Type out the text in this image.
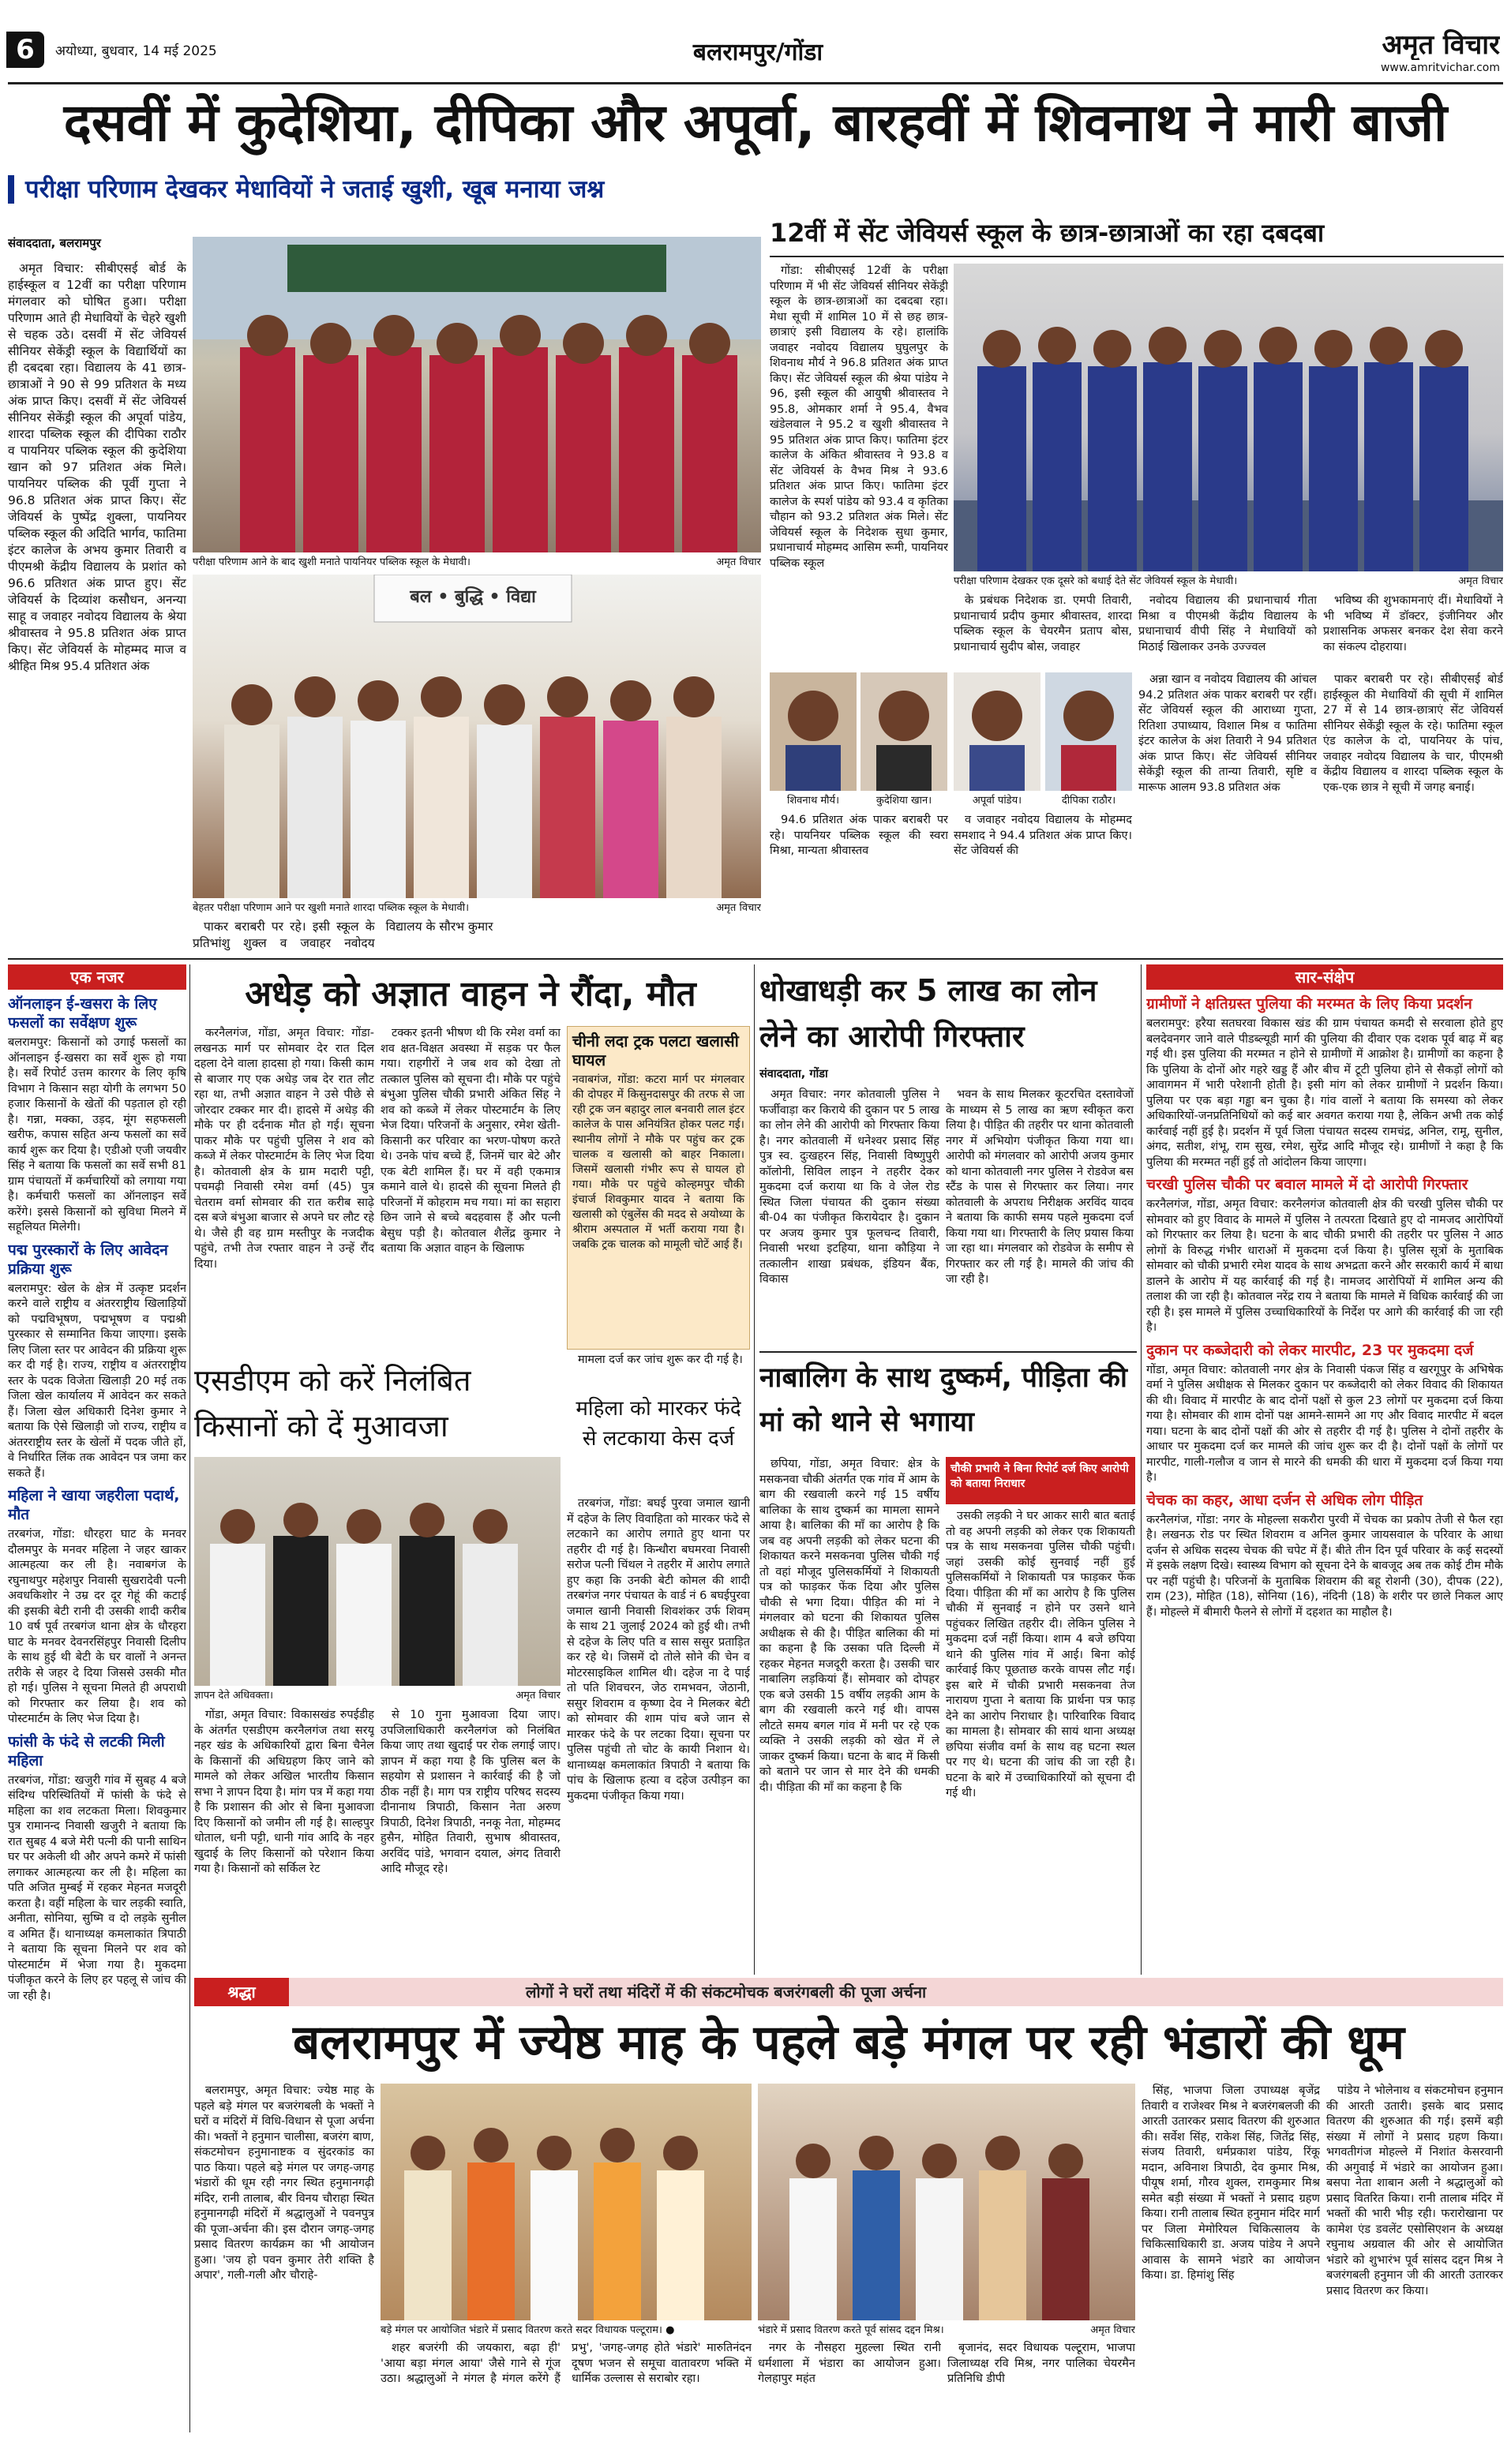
6	अयोध्या, बुधवार, 14 मई 2025	बलरामपुर/गोंडा	अमृत विचार
www.amritvichar.com
दसवीं में कुदेशिया, दीपिका और अपूर्वा, बारहवीं में शिवनाथ ने मारी बाजी
परीक्षा परिणाम देखकर मेधावियों ने जताई खुशी, खूब मनाया जश्न
संवाददाता, बलरामपुर

अमृत विचार: सीबीएसई बोर्ड के हाईस्कूल व 12वीं का परीक्षा परिणाम मंगलवार को घोषित हुआ। परीक्षा परिणाम आते ही मेधावियों के चेहरे खुशी से चहक उठे। दसवीं में सेंट जेवियर्स सीनियर सेकेंड्री स्कूल के विद्यार्थियों का ही दबदबा रहा। विद्यालय के 41 छात्र-छात्राओं ने 90 से 99 प्रतिशत के मध्य अंक प्राप्त किए। दसवीं में सेंट जेवियर्स सीनियर सेकेंड्री स्कूल की अपूर्वा पांडेय, शारदा पब्लिक स्कूल की दीपिका राठौर व पायनियर पब्लिक स्कूल की कुदेशिया खान को 97 प्रतिशत अंक मिले। पायनियर पब्लिक की पूर्वी गुप्ता ने 96.8 प्रतिशत अंक प्राप्त किए। सेंट जेवियर्स के पुष्पेंद्र शुक्ला, पायनियर पब्लिक स्कूल की अदिति भार्गव, फातिमा इंटर कालेज के अभय कुमार तिवारी व पीएमश्री केंद्रीय विद्यालय के प्रशांत को 96.6 प्रतिशत अंक प्राप्त हुए। सेंट जेवियर्स के दिव्यांश कसौधन, अनन्या साहू व जवाहर नवोदय विद्यालय के श्रेया श्रीवास्तव ने 95.8 प्रतिशत अंक प्राप्त किए। सेंट जेवियर्स के मोहम्मद माज व श्रीहित मिश्र 95.4 प्रतिशत अंक

परीक्षा परिणाम आने के बाद खुशी मनाते पायनियर पब्लिक स्कूल के मेधावी।	अमृत विचार
बल • बुद्धि • विद्या
बेहतर परीक्षा परिणाम आने पर खुशी मनाते शारदा पब्लिक स्कूल के मेधावी।	अमृत विचार

पाकर बराबरी पर रहे। इसी स्कूल के प्रतिभांशु शुक्ल व जवाहर नवोदय विद्यालय के सौरभ कुमार

12वीं में सेंट जेवियर्स स्कूल के छात्र-छात्राओं का रहा दबदबा

गोंडा: सीबीएसई 12वीं के परीक्षा परिणाम में भी सेंट जेवियर्स सीनियर सेकेंड्री स्कूल के छात्र-छात्राओं का दबदबा रहा। मेधा सूची में शामिल 10 में से छह छात्र-छात्राएं इसी विद्यालय के रहे। हालांकि जवाहर नवोदय विद्यालय घुघुलपुर के शिवनाथ मौर्य ने 96.8 प्रतिशत अंक प्राप्त किए। सेंट जेवियर्स स्कूल की श्रेया पांडेय ने 96, इसी स्कूल की आयुषी श्रीवास्तव ने 95.8, ओमकार शर्मा ने 95.4, वैभव खंडेलवाल ने 95.2 व खुशी श्रीवास्तव ने 95 प्रतिशत अंक प्राप्त किए। फातिमा इंटर कालेज के अंकित श्रीवास्तव ने 93.8 व सेंट जेवियर्स के वैभव मिश्र ने 93.6 प्रतिशत अंक प्राप्त किए। फातिमा इंटर कालेज के स्पर्श पांडेय को 93.4 व कृतिका चौहान को 93.2 प्रतिशत अंक मिले। सेंट जेवियर्स स्कूल के निदेशक सुधा कुमार, प्रधानाचार्य मोहम्मद आसिम रूमी, पायनियर पब्लिक स्कूल

परीक्षा परिणाम देखकर एक दूसरे को बधाई देते सेंट जेवियर्स स्कूल के मेधावी।	अमृत विचार

के प्रबंधक निदेशक डा. एमपी तिवारी, प्रधानाचार्य प्रदीप कुमार श्रीवास्तव, शारदा पब्लिक स्कूल के चेयरमैन प्रताप बोस, प्रधानाचार्य सुदीप बोस, जवाहर

नवोदय विद्यालय की प्रधानाचार्य गीता मिश्रा व पीएमश्री केंद्रीय विद्यालय के प्रधानाचार्य वीपी सिंह ने मेधावियों को मिठाई खिलाकर उनके उज्ज्वल

भविष्य की शुभकामनाएं दीं। मेधावियों ने भी भविष्य में डॉक्टर, इंजीनियर और प्रशासनिक अफसर बनकर देश सेवा करने का संकल्प दोहराया।

शिवनाथ मौर्य।	कुदेशिया खान।	अपूर्वा पांडेय।	दीपिका राठौर।

94.6 प्रतिशत अंक पाकर बराबरी पर रहे। पायनियर पब्लिक स्कूल की स्वरा मिश्रा, मान्यता श्रीवास्तव

व जवाहर नवोदय विद्यालय के मोहम्मद समशाद ने 94.4 प्रतिशत अंक प्राप्त किए। सेंट जेवियर्स की

अन्ना खान व नवोदय विद्यालय की आंचल 94.2 प्रतिशत अंक पाकर बराबरी पर रहीं। सेंट जेवियर्स स्कूल की आराध्या गुप्ता, रितिशा उपाध्याय, विशाल मिश्र व फातिमा इंटर कालेज के अंश तिवारी ने 94 प्रतिशत अंक प्राप्त किए। सेंट जेवियर्स सीनियर सेकेंड्री स्कूल की तान्या तिवारी, सृष्टि व मारूफ आलम 93.8 प्रतिशत अंक

पाकर बराबरी पर रहे। सीबीएसई बोर्ड हाईस्कूल की मेधावियों की सूची में शामिल 27 में से 14 छात्र-छात्राएं सेंट जेवियर्स सीनियर सेकेंड्री स्कूल के रहे। फातिमा स्कूल एंड कालेज के दो, पायनियर के पांच, जवाहर नवोदय विद्यालय के चार, पीएमश्री केंद्रीय विद्यालय व शारदा पब्लिक स्कूल के एक-एक छात्र ने सूची में जगह बनाई।

एक नजर
ऑनलाइन ई-खसरा के लिए फसलों का सर्वेक्षण शुरू

बलरामपुर: किसानों को उगाई फसलों का ऑनलाइन ई-खसरा का सर्वे शुरू हो गया है। सर्वे रिपोर्ट उत्तम कारगर के लिए कृषि विभाग ने किसान सहा योगी के लगभग 50 हजार किसानों के खेतों की पड़ताल हो रही है। गन्ना, मक्का, उड़द, मूंग सहफसली खरीफ, कपास सहित अन्य फसलों का सर्वे कार्य शुरू कर दिया है। एडीओ एजी जयवीर सिंह ने बताया कि फसलों का सर्वे सभी 81 ग्राम पंचायतों में कर्मचारियों को लगाया गया है। कर्मचारी फसलों का ऑनलाइन सर्वे करेंगे। इससे किसानों को सुविधा मिलने में सहूलियत मिलेगी।

पद्म पुरस्कारों के लिए आवेदन प्रक्रिया शुरू

बलरामपुर: खेल के क्षेत्र में उत्कृष्ट प्रदर्शन करने वाले राष्ट्रीय व अंतरराष्ट्रीय खिलाड़ियों को पद्मविभूषण, पद्मभूषण व पद्मश्री पुरस्कार से सम्मानित किया जाएगा। इसके लिए जिला स्तर पर आवेदन की प्रक्रिया शुरू कर दी गई है। राज्य, राष्ट्रीय व अंतरराष्ट्रीय स्तर के पदक विजेता खिलाड़ी 20 मई तक जिला खेल कार्यालय में आवेदन कर सकते हैं। जिला खेल अधिकारी दिनेश कुमार ने बताया कि ऐसे खिलाड़ी जो राज्य, राष्ट्रीय व अंतरराष्ट्रीय स्तर के खेलों में पदक जीते हों, वे निर्धारित लिंक तक आवेदन पत्र जमा कर सकते हैं।

महिला ने खाया जहरीला पदार्थ, मौत

तरबगंज, गोंडा: धौरहरा घाट के मनवर दौलमपुर के मनवर महिला ने जहर खाकर आत्महत्या कर ली है। नवाबगंज के रघुनाथपुर महेशपुर निवासी सुखरादेवी पत्नी अवधकिशोर ने उम्र दर दूर गेहूं की कटाई की इसकी बेटी रानी दी उसकी शादी करीब 10 वर्ष पूर्व तरबगंज थाना क्षेत्र के धौरहरा घाट के मनवर देवनरसिंहपुर निवासी दिलीप के साथ हुई थी बेटी के घर वालों ने अनन्त तरीके से जहर दे दिया जिससे उसकी मौत हो गई। पुलिस ने सूचना मिलते ही अपराधी को गिरफ्तार कर लिया है। शव को पोस्टमार्टम के लिए भेज दिया है।

फांसी के फंदे से लटकी मिली महिला

तरबगंज, गोंडा: खजुरी गांव में सुबह 4 बजे संदिग्ध परिस्थितियों में फांसी के फंदे से महिला का शव लटकता मिला। शिवकुमार पुत्र रामानन्द निवासी खजुरी ने बताया कि रात सुबह 4 बजे मेरी पत्नी की पानी साथिन घर पर अकेली थी और अपने कमरे में फांसी लगाकर आत्महत्या कर ली है। महिला का पति अजित मुम्बई में रहकर मेहनत मजदूरी करता है। वहीं महिला के चार लड़की स्वाति, अनीता, सोनिया, सुष्मि व दो लड़के सुनील व अमित हैं। थानाध्यक्ष कमलाकांत त्रिपाठी ने बताया कि सूचना मिलने पर शव को पोस्टमार्टम में भेजा गया है। मुकदमा पंजीकृत करने के लिए हर पहलू से जांच की जा रही है।

अधेड़ को अज्ञात वाहन ने रौंदा, मौत

करनैलगंज, गोंडा, अमृत विचार: गोंडा-लखनऊ मार्ग पर सोमवार देर रात दिल दहला देने वाला हादसा हो गया। किसी काम से बाजार गए एक अधेड़ जब देर रात लौट रहा था, तभी अज्ञात वाहन ने उसे पीछे से जोरदार टक्कर मार दी। हादसे में अधेड़ की मौके पर ही दर्दनाक मौत हो गई। सूचना पाकर मौके पर पहुंची पुलिस ने शव को कब्जे में लेकर पोस्टमार्टम के लिए भेज दिया है। कोतवाली क्षेत्र के ग्राम मदारी पट्टी, पचमढ़ी निवासी रमेश वर्मा (45) पुत्र चेतराम वर्मा सोमवार की रात करीब साढ़े दस बजे बंभुआ बाजार से अपने घर लौट रहे थे। जैसे ही वह ग्राम मस्तीपुर के नजदीक पहुंचे, तभी तेज रफ्तार वाहन ने उन्हें रौंद दिया।

टक्कर इतनी भीषण थी कि रमेश वर्मा का शव क्षत-विक्षत अवस्था में सड़क पर फैल गया। राहगीरों ने जब शव को देखा तो तत्काल पुलिस को सूचना दी। मौके पर पहुंचे बंभुआ पुलिस चौकी प्रभारी अंकित सिंह ने शव को कब्जे में लेकर पोस्टमार्टम के लिए भेज दिया। परिजनों के अनुसार, रमेश खेती-किसानी कर परिवार का भरण-पोषण करते थे। उनके पांच बच्चे हैं, जिनमें चार बेटे और एक बेटी शामिल हैं। घर में वही एकमात्र कमाने वाले थे। हादसे की सूचना मिलते ही परिजनों में कोहराम मच गया। मां का सहारा छिन जाने से बच्चे बदहवास हैं और पत्नी बेसुध पड़ी है। कोतवाल शैलेंद्र कुमार ने बताया कि अज्ञात वाहन के खिलाफ

चीनी लदा ट्रक पलटा खलासी घायल

नवाबगंज, गोंडा: कटरा मार्ग पर मंगलवार की दोपहर में किसुनदासपुर की तरफ से जा रही ट्रक जन बहादुर लाल बनवारी लाल इंटर कालेज के पास अनियंत्रित होकर पलट गई। स्थानीय लोगों ने मौके पर पहुंच कर ट्रक चालक व खलासी को बाहर निकाला। जिसमें खलासी गंभीर रूप से घायल हो गया। मौके पर पहुंचे कोल्हमपुर चौकी इंचार्ज शिवकुमार यादव ने बताया कि खलासी को एंबुलेंस की मदद से अयोध्या के श्रीराम अस्पताल में भर्ती कराया गया है। जबकि ट्रक चालक को मामूली चोटें आई हैं।

मामला दर्ज कर जांच शुरू कर दी गई है।

एसडीएम को करें निलंबित किसानों को दें मुआवजा
ज्ञापन देते अधिवक्ता।	अमृत विचार

गोंडा, अमृत विचार: विकासखंड रुपईडीह के अंतर्गत एसडीएम करनैलगंज तथा सरयू नहर खंड के अधिकारियों द्वारा बिना चैनेल के किसानों की अधिग्रहण किए जाने को मामले को लेकर अखिल भारतीय किसान सभा ने ज्ञापन दिया है। मांग पत्र में कहा गया है कि प्रशासन की ओर से बिना मुआवजा दिए किसानों को जमीन ली गई है। साल्हपुर धोताल, धनी पट्टी, धानी गांव आदि के नहर खुदाई के लिए किसानों को परेशान किया गया है। किसानों को सर्किल रेट

से 10 गुना मुआवजा दिया जाए। उपजिलाधिकारी करनैलगंज को निलंबित किया जाए तथा खुदाई पर रोक लगाई जाए। ज्ञापन में कहा गया है कि पुलिस बल के सहयोग से प्रशासन ने कार्रवाई की है जो ठीक नहीं है। माग पत्र राष्ट्रीय परिषद सदस्य दीनानाथ त्रिपाठी, किसान नेता अरुण त्रिपाठी, दिनेश त्रिपाठी, ननकू नेता, मोहम्मद हुसैन, मोहित तिवारी, सुभाष श्रीवास्तव, अरविंद पांडे, भगवान दयाल, अंगद तिवारी आदि मौजूद रहे।

महिला को मारकर फंदे से लटकाया केस दर्ज

तरबगंज, गोंडा: बघई पुरवा जमाल खानी में दहेज के लिए विवाहिता को मारकर फंदे से लटकाने का आरोप लगाते हुए थाना पर तहरीर दी गई है। किन्धौरा बघमरवा निवासी सरोज पत्नी चिंथल ने तहरीर में आरोप लगाते हुए कहा कि उनकी बेटी कोमल की शादी तरबगंज नगर पंचायत के वार्ड नं 6 बघईपुरवा जमाल खानी निवासी शिवशंकर उर्फ शिवम् के साथ 21 जुलाई 2024 को हुई थी। तभी से दहेज के लिए पति व सास ससुर प्रताड़ित कर रहे थे। जिसमें दो तोले सोने की चेन व मोटरसाइकिल शामिल थी। दहेज ना दे पाई तो पति शिवचरन, जेठ रामभवन, जेठानी, ससुर शिवराम व कृष्णा देव ने मिलकर बेटी को सोमवार की शाम पांच बजे जान से मारकर फंदे के पर लटका दिया। सूचना पर पुलिस पहुंची तो चोट के कायी निशान थे। थानाध्यक्ष कमलाकांत त्रिपाठी ने बताया कि पांच के खिलाफ हत्या व दहेज उत्पीड़न का मुकदमा पंजीकृत किया गया।

धोखाधड़ी कर 5 लाख का लोन लेने का आरोपी गिरफ्तार
संवाददाता, गोंडा

अमृत विचार: नगर कोतवाली पुलिस ने फर्जीवाड़ा कर किराये की दुकान पर 5 लाख का लोन लेने की आरोपी को गिरफ्तार किया है। नगर कोतवाली में धनेश्वर प्रसाद सिंह पुत्र स्व. दुःखहरन सिंह, निवासी विष्णुपुरी कॉलोनी, सिविल लाइन ने तहरीर देकर मुकदमा दर्ज कराया था कि वे जेल रोड स्थित जिला पंचायत की दुकान संख्या बी-04 का पंजीकृत किरायेदार है। दुकान पर अजय कुमार पुत्र फूलचन्द तिवारी, निवासी भरथा इटहिया, थाना कौड़िया ने तत्कालीन शाखा प्रबंधक, इंडियन बैंक, विकास

भवन के साथ मिलकर कूटरचित दस्तावेजों के माध्यम से 5 लाख का ऋण स्वीकृत करा लिया है। पीड़ित की तहरीर पर थाना कोतवाली नगर में अभियोग पंजीकृत किया गया था। आरोपी को मंगलवार को आरोपी अजय कुमार को थाना कोतवाली नगर पुलिस ने रोडवेज बस स्टैंड के पास से गिरफ्तार कर लिया। नगर कोतवाली के अपराध निरीक्षक अरविंद यादव ने बताया कि काफी समय पहले मुकदमा दर्ज किया गया था। गिरफ्तारी के लिए प्रयास किया जा रहा था। मंगलवार को रोडवेज के समीप से गिरफ्तार कर ली गई है। मामले की जांच की जा रही है।

नाबालिग के साथ दुष्कर्म, पीड़िता की मां को थाने से भगाया

छपिया, गोंडा, अमृत विचार: क्षेत्र के मसकनवा चौकी अंतर्गत एक गांव में आम के बाग की रखवाली करने गई 15 वर्षीय बालिका के साथ दुष्कर्म का मामला सामने आया है। बालिका की माँ का आरोप है कि जब वह अपनी लड़की को लेकर घटना की शिकायत करने मसकनवा पुलिस चौकी गई तो वहां मौजूद पुलिसकर्मियों ने शिकायती पत्र को फाड़कर फेंक दिया और पुलिस चौकी से भगा दिया। पीड़ित की मां ने मंगलवार को घटना की शिकायत पुलिस अधीक्षक से की है। पीड़ित बालिका की मां का कहना है कि उसका पति दिल्ली में रहकर मेहनत मजदूरी करता है। उसकी चार नाबालिग लड़कियां हैं। सोमवार को दोपहर एक बजे उसकी 15 वर्षीय लड़की आम के बाग की रखवाली करने गई थी। वापस लौटते समय बगल गांव में मनी पर रहे एक व्यक्ति ने उसकी लड़की को खेत में ले जाकर दुष्कर्म किया। घटना के बाद में किसी को बताने पर जान से मार देने की धमकी दी। पीड़िता की माँ का कहना है कि

चौकी प्रभारी ने बिना रिपोर्ट दर्ज किए आरोपी को बताया निराधार

उसकी लड़की ने घर आकर सारी बात बताई तो वह अपनी लड़की को लेकर एक शिकायती पत्र के साथ मसकनवा पुलिस चौकी पहुंची। जहां उसकी कोई सुनवाई नहीं हुई पुलिसकर्मियों ने शिकायती पत्र फाड़कर फेंक दिया। पीड़िता की माँ का आरोप है कि पुलिस चौकी में सुनवाई न होने पर उसने थाने पहुंचकर लिखित तहरीर दी। लेकिन पुलिस ने मुकदमा दर्ज नहीं किया। शाम 4 बजे छपिया थाने की पुलिस गांव में आई। बिना कोई कार्रवाई किए पूछताछ करके वापस लौट गई। इस बारे में चौकी प्रभारी मसकनवा तेज नारायण गुप्ता ने बताया कि प्रार्थना पत्र फाड़ देने का आरोप निराधार है। पारिवारिक विवाद का मामला है। सोमवार की सायं थाना अध्यक्ष छपिया संजीव वर्मा के साथ वह घटना स्थल पर गए थे। घटना की जांच की जा रही है। घटना के बारे में उच्चाधिकारियों को सूचना दी गई थी।

सार-संक्षेप
ग्रामीणों ने क्षतिग्रस्त पुलिया की मरम्मत के लिए किया प्रदर्शन

बलरामपुर: हरैया सतघरवा विकास खंड की ग्राम पंचायत कमदी से सरवाला होते हुए बलदेवनगर जाने वाले पीडब्ल्यूडी मार्ग की पुलिया की दीवार एक दशक पूर्व बाढ़ में बह गई थी। इस पुलिया की मरम्मत न होने से ग्रामीणों में आक्रोश है। ग्रामीणों का कहना है कि पुलिया के दोनों ओर गहरे खड्ड हैं और बीच में टूटी पुलिया होने से सैकड़ों लोगों को आवागमन में भारी परेशानी होती है। इसी मांग को लेकर ग्रामीणों ने प्रदर्शन किया। पुलिया पर एक बड़ा गड्ढा बन चुका है। गांव वालों ने बताया कि समस्या को लेकर अधिकारियों-जनप्रतिनिधियों को कई बार अवगत कराया गया है, लेकिन अभी तक कोई कार्रवाई नहीं हुई है। प्रदर्शन में पूर्व जिला पंचायत सदस्य रामचंद्र, अनिल, रामू, सुनील, अंगद, सतीश, शंभू, राम सुख, रमेश, सुरेंद्र आदि मौजूद रहे। ग्रामीणों ने कहा है कि पुलिया की मरम्मत नहीं हुई तो आंदोलन किया जाएगा।

चरखी पुलिस चौकी पर बवाल मामले में दो आरोपी गिरफ्तार

करनैलगंज, गोंडा, अमृत विचार: करनैलगंज कोतवाली क्षेत्र की चरखी पुलिस चौकी पर सोमवार को हुए विवाद के मामले में पुलिस ने तत्परता दिखाते हुए दो नामजद आरोपियों को गिरफ्तार कर लिया है। घटना के बाद चौकी प्रभारी की तहरीर पर पुलिस ने आठ लोगों के विरुद्ध गंभीर धाराओं में मुकदमा दर्ज किया है। पुलिस सूत्रों के मुताबिक सोमवार को चौकी प्रभारी रमेश यादव के साथ अभद्रता करने और सरकारी कार्य में बाधा डालने के आरोप में यह कार्रवाई की गई है। नामजद आरोपियों में शामिल अन्य की तलाश की जा रही है। कोतवाल नरेंद्र राय ने बताया कि मामले में विधिक कार्रवाई की जा रही है। इस मामले में पुलिस उच्चाधिकारियों के निर्देश पर आगे की कार्रवाई की जा रही है।

दुकान पर कब्जेदारी को लेकर मारपीट, 23 पर मुकदमा दर्ज

गोंडा, अमृत विचार: कोतवाली नगर क्षेत्र के निवासी पंकज सिंह व खरगूपुर के अभिषेक वर्मा ने पुलिस अधीक्षक से मिलकर दुकान पर कब्जेदारी को लेकर विवाद की शिकायत की थी। विवाद में मारपीट के बाद दोनों पक्षों से कुल 23 लोगों पर मुकदमा दर्ज किया गया है। सोमवार की शाम दोनों पक्ष आमने-सामने आ गए और विवाद मारपीट में बदल गया। घटना के बाद दोनों पक्षों की ओर से तहरीर दी गई है। पुलिस ने दोनों तहरीर के आधार पर मुकदमा दर्ज कर मामले की जांच शुरू कर दी है। दोनों पक्षों के लोगों पर मारपीट, गाली-गलौज व जान से मारने की धमकी की धारा में मुकदमा दर्ज किया गया है।

चेचक का कहर, आधा दर्जन से अधिक लोग पीड़ित

करनैलगंज, गोंडा: नगर के मोहल्ला सकरौरा पुरवी में चेचक का प्रकोप तेजी से फैल रहा है। लखनऊ रोड पर स्थित शिवराम व अनिल कुमार जायसवाल के परिवार के आधा दर्जन से अधिक सदस्य चेचक की चपेट में हैं। बीते तीन दिन पूर्व परिवार के कई सदस्यों में इसके लक्षण दिखे। स्वास्थ्य विभाग को सूचना देने के बावजूद अब तक कोई टीम मौके पर नहीं पहुंची है। परिजनों के मुताबिक शिवराम की बहू रोशनी (30), दीपक (22), राम (23), मोहित (18), सोनिया (16), नंदिनी (18) के शरीर पर छाले निकल आए हैं। मोहल्ले में बीमारी फैलने से लोगों में दहशत का माहौल है।

श्रद्धा	लोगों ने घरों तथा मंदिरों में की संकटमोचक बजरंगबली की पूजा अर्चना
बलरामपुर में ज्येष्ठ माह के पहले बड़े मंगल पर रही भंडारों की धूम

बलरामपुर, अमृत विचार: ज्येष्ठ माह के पहले बड़े मंगल पर बजरंगबली के भक्तों ने घरों व मंदिरों में विधि-विधान से पूजा अर्चना की। भक्तों ने हनुमान चालीसा, बजरंग बाण, संकटमोचन हनुमानाष्टक व सुंदरकांड का पाठ किया। पहले बड़े मंगल पर जगह-जगह भंडारों की धूम रही नगर स्थित हनुमानगढ़ी मंदिर, रानी तालाब, बीर विनय चौराहा स्थित हनुमानगढ़ी मंदिरों में श्रद्धालुओं ने पवनपुत्र की पूजा-अर्चना की। इस दौरान जगह-जगह प्रसाद वितरण कार्यक्रम का भी आयोजन हुआ। 'जय हो पवन कुमार तेरी शक्ति है अपार', गली-गली और चौराहे-

बड़े मंगल पर आयोजित भंडारे में प्रसाद वितरण करते सदर विधायक पल्टूराम। ●

शहर बजरंगी की जयकारा, बढ़ा ही' 'आया बड़ा मंगल आया' जैसे गाने से गूंज उठा। श्रद्धालुओं ने मंगल है मंगल करेंगे हैं प्रभु', 'जगह-जगह होते भंडारे' मारुतिनंदन दूषण भजन से समूचा वातावरण भक्ति में धार्मिक उल्लास से सराबोर रहा।

भंडारे में प्रसाद वितरण करते पूर्व सांसद दद्दन मिश्र।	अमृत विचार

नगर के नौसहरा मुहल्ला स्थित रानी धर्मशाला में भंडारा का आयोजन हुआ। गेलहापुर महंत

बृजानंद, सदर विधायक पल्टूराम, भाजपा जिलाध्यक्ष रवि मिश्र, नगर पालिका चेयरमैन प्रतिनिधि डीपी

सिंह, भाजपा जिला उपाध्यक्ष बृजेंद्र तिवारी व राजेश्वर मिश्र ने बजरंगबलजी की आरती उतारकर प्रसाद वितरण की शुरुआत की। सर्वेश सिंह, राकेश सिंह, जितेंद्र सिंह, संजय तिवारी, धर्मप्रकाश पांडेय, रिंकू मदान, अविनाश त्रिपाठी, देव कुमार मिश्र, पीयूष शर्मा, गौरव शुक्ल, रामकुमार मिश्र समेत बड़ी संख्या में भक्तों ने प्रसाद ग्रहण किया। रानी तालाब स्थित हनुमान मंदिर मार्ग पर जिला मेमोरियल चिकित्सालय के चिकित्साधिकारी डा. अजय पांडेय ने अपने आवास के सामने भंडारे का आयोजन किया। डा. हिमांशु सिंह

पांडेय ने भोलेनाथ व संकटमोचन हनुमान की आरती उतारी। इसके बाद प्रसाद वितरण की शुरुआत की गई। इसमें बड़ी संख्या में लोगों ने प्रसाद ग्रहण किया। भगवतीगंज मोहल्ले में निशांत केसरवानी की अगुवाई में भंडारे का आयोजन हुआ। बसपा नेता शाबान अली ने श्रद्धालुओं को प्रसाद वितरित किया। रानी तालाब मंदिर में भक्तों की भारी भीड़ रही। फरारोखाना पर कामेश एंड डवलेंट एसोसिएशन के अध्यक्ष रघुनाथ अग्रवाल की ओर से आयोजित भंडारे को शुभारंभ पूर्व सांसद दद्दन मिश्र ने बजरंगबली हनुमान जी की आरती उतारकर प्रसाद वितरण कर किया।
